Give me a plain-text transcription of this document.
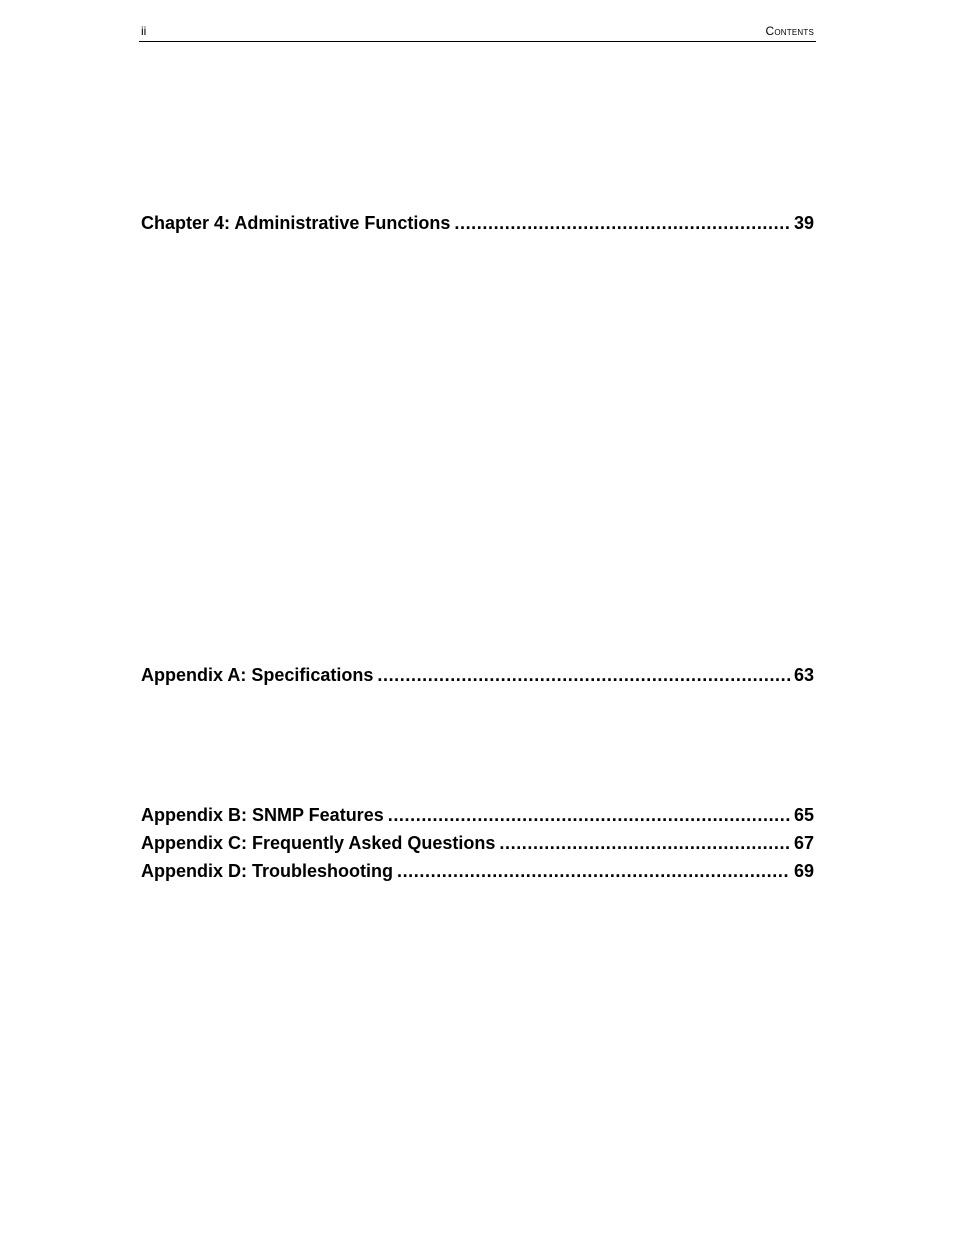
ii	Contents
Chapter 4: Administrative Functions .....	39
Appendix A: Specifications .....	63
Appendix B: SNMP Features .....	65
Appendix C: Frequently Asked Questions .....	67
Appendix D: Troubleshooting .....	69
